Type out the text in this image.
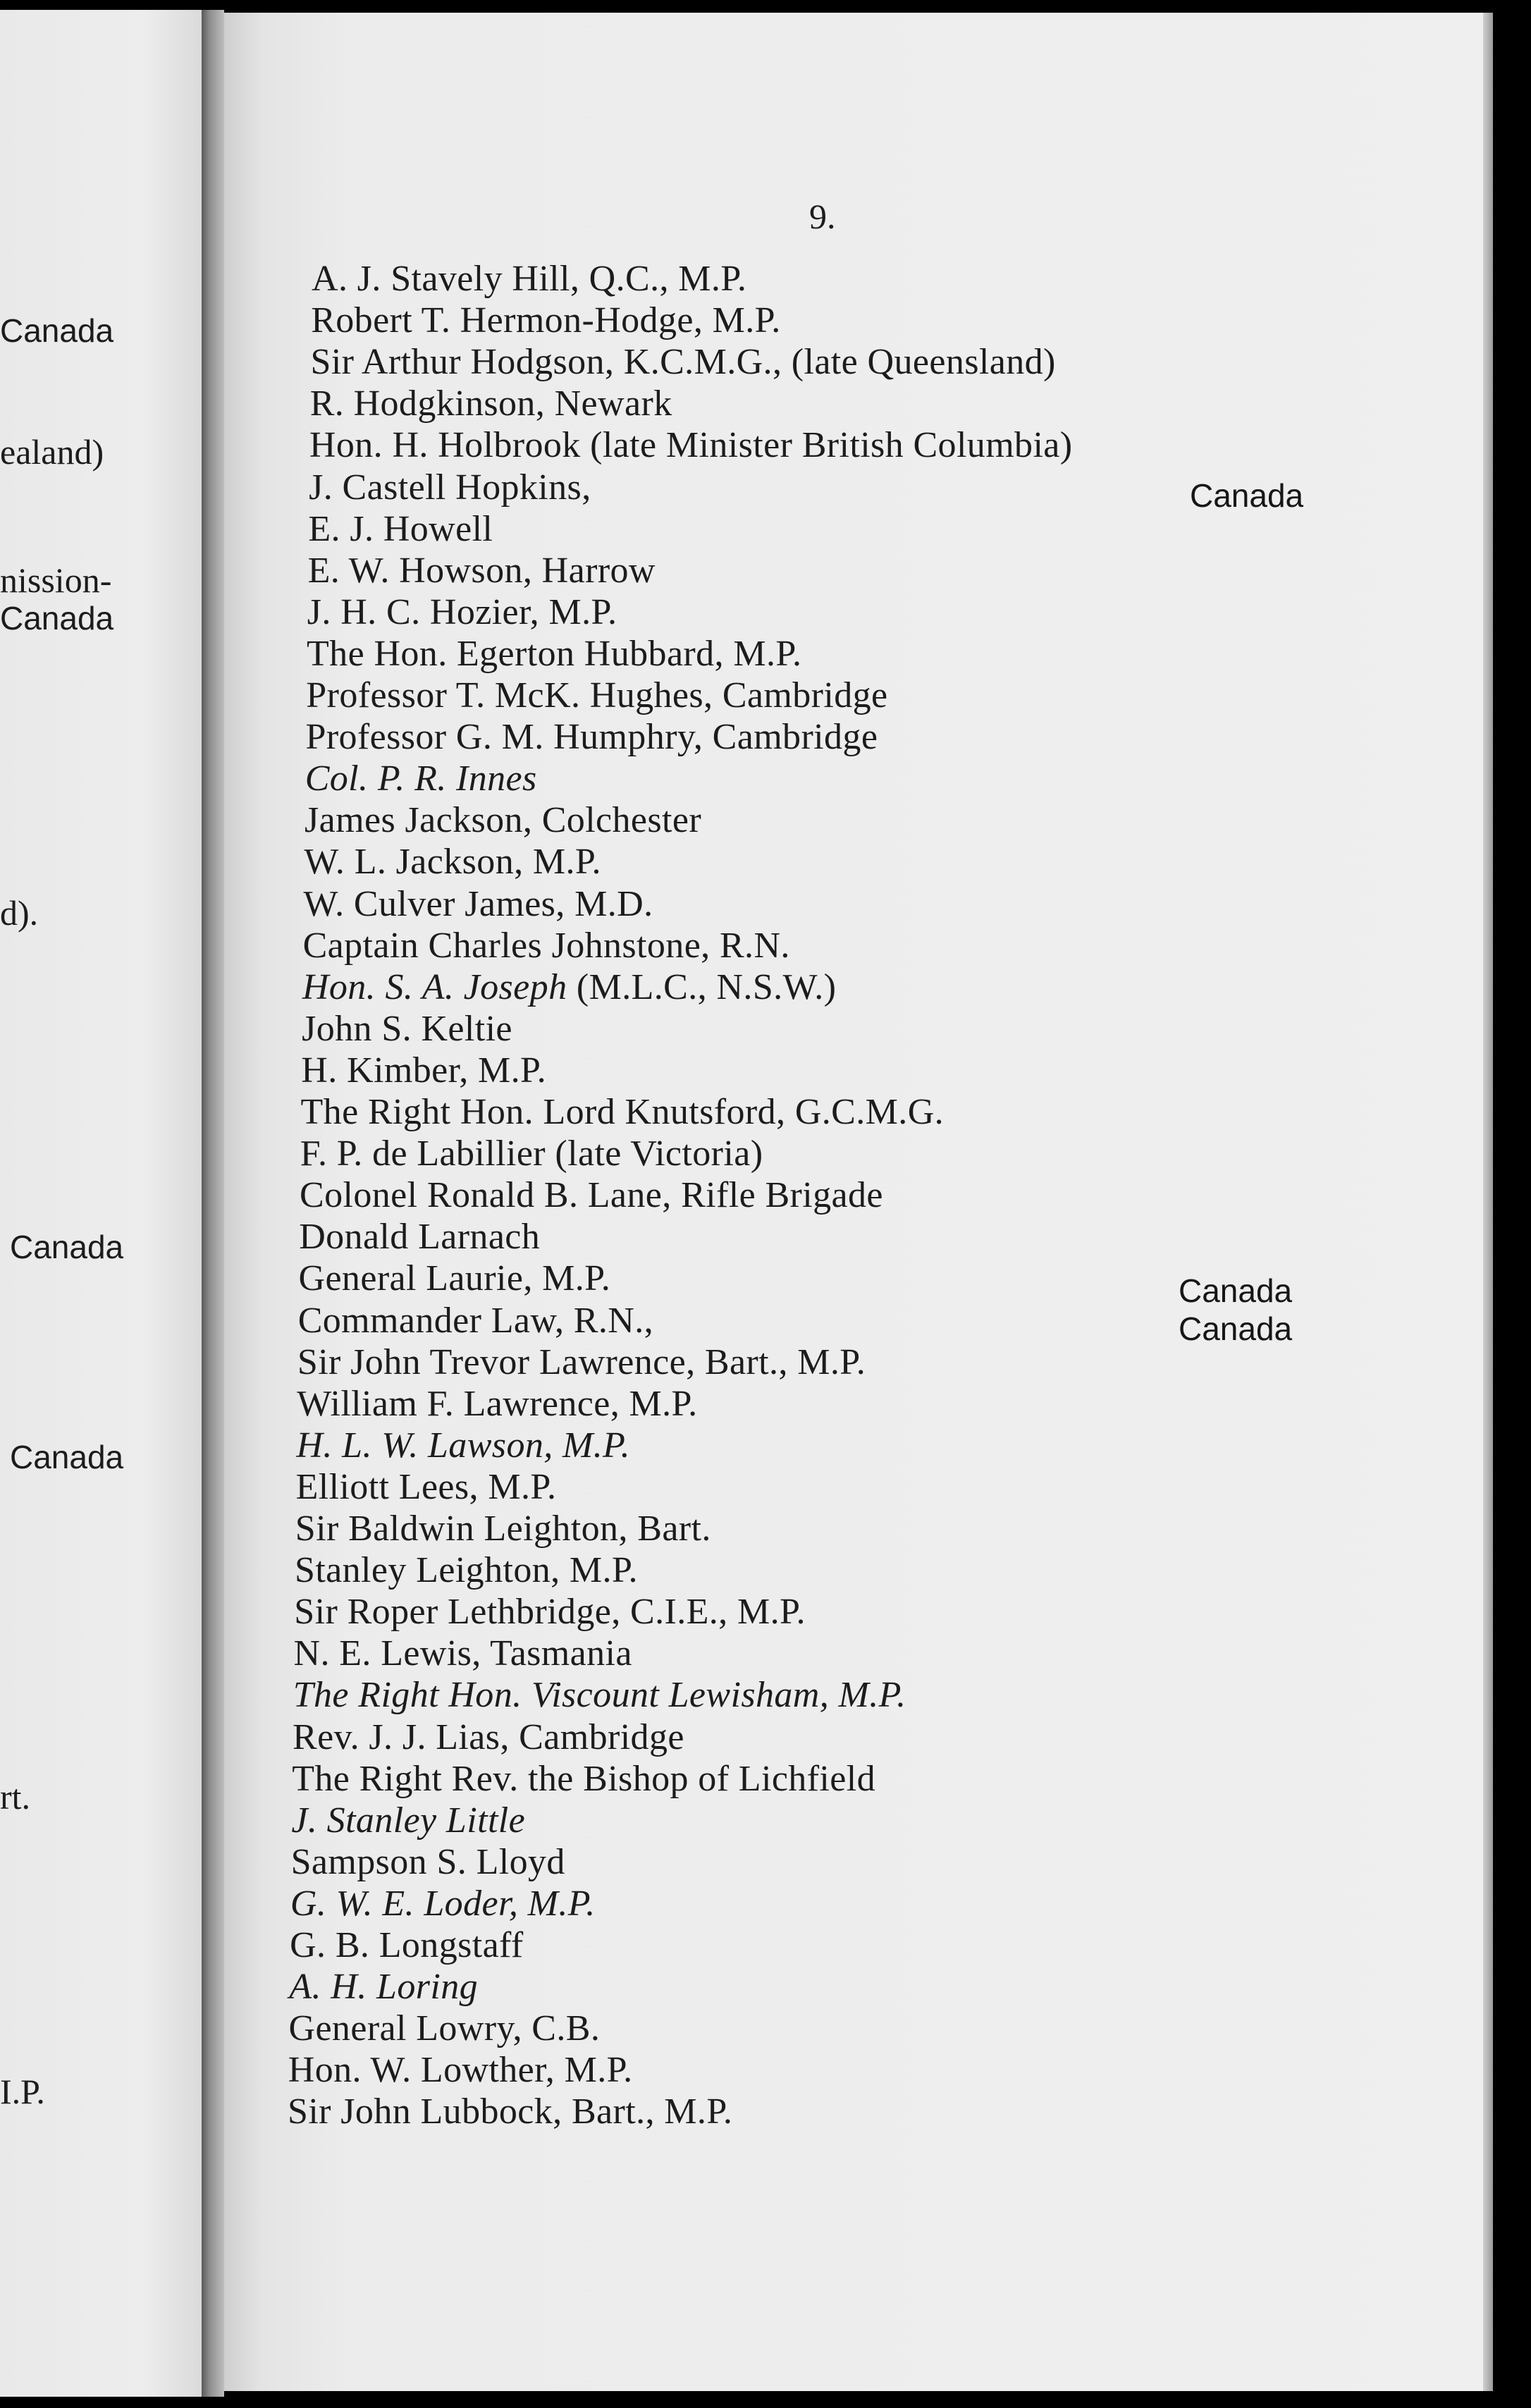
Canada
ealand)
nission-
Canada
d).
Canada
Canada
rt.
I.P.
9.
A. J. Stavely Hill, Q.C., M.P.
Robert T. Hermon-Hodge, M.P.
Sir Arthur Hodgson, K.C.M.G., (late Queensland)
R. Hodgkinson, Newark
Hon. H. Holbrook (late Minister British Columbia)
J. Castell Hopkins,
E. J. Howell
E. W. Howson, Harrow
J. H. C. Hozier, M.P.
The Hon. Egerton Hubbard, M.P.
Professor T. McK. Hughes, Cambridge
Professor G. M. Humphry, Cambridge
Col. P. R. Innes
James Jackson, Colchester
W. L. Jackson, M.P.
W. Culver James, M.D.
Captain Charles Johnstone, R.N.
Hon. S. A. Joseph (M.L.C., N.S.W.)
John S. Keltie
H. Kimber, M.P.
The Right Hon. Lord Knutsford, G.C.M.G.
F. P. de Labillier (late Victoria)
Colonel Ronald B. Lane, Rifle Brigade
Donald Larnach
General Laurie, M.P.
Commander Law, R.N.,
Sir John Trevor Lawrence, Bart., M.P.
William F. Lawrence, M.P.
H. L. W. Lawson, M.P.
Elliott Lees, M.P.
Sir Baldwin Leighton, Bart.
Stanley Leighton, M.P.
Sir Roper Lethbridge, C.I.E., M.P.
N. E. Lewis, Tasmania
The Right Hon. Viscount Lewisham, M.P.
Rev. J. J. Lias, Cambridge
The Right Rev. the Bishop of Lichfield
J. Stanley Little
Sampson S. Lloyd
G. W. E. Loder, M.P.
G. B. Longstaff
A. H. Loring
General Lowry, C.B.
Hon. W. Lowther, M.P.
Sir John Lubbock, Bart., M.P.
Canada
Canada
Canada
